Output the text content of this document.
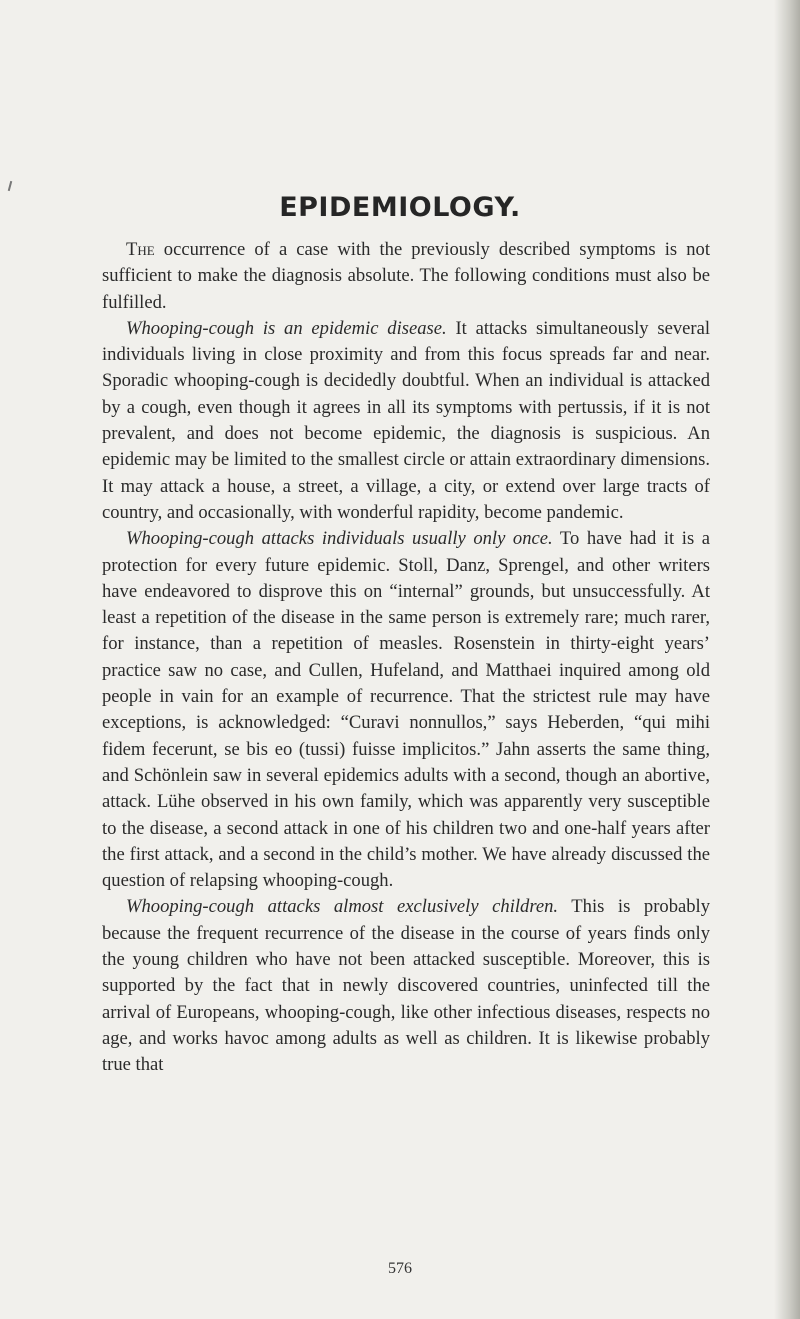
EPIDEMIOLOGY.

The occurrence of a case with the previously described symptoms is not sufficient to make the diagnosis absolute. The following conditions must also be fulfilled.

Whooping-cough is an epidemic disease. It attacks simultaneously several individuals living in close proximity and from this focus spreads far and near. Sporadic whooping-cough is decidedly doubtful. When an individual is attacked by a cough, even though it agrees in all its symptoms with pertussis, if it is not prevalent, and does not become epidemic, the diagnosis is suspicious. An epidemic may be limited to the smallest circle or attain extraordinary dimensions. It may attack a house, a street, a village, a city, or extend over large tracts of country, and occasionally, with wonderful rapidity, become pandemic.

Whooping-cough attacks individuals usually only once. To have had it is a protection for every future epidemic. Stoll, Danz, Sprengel, and other writers have endeavored to disprove this on “internal” grounds, but unsuccessfully. At least a repetition of the disease in the same person is extremely rare; much rarer, for instance, than a repetition of measles. Rosenstein in thirty-eight years’ practice saw no case, and Cullen, Hufeland, and Matthaei inquired among old people in vain for an example of recurrence. That the strictest rule may have exceptions, is acknowledged: “Curavi nonnullos,” says Heberden, “qui mihi fidem fecerunt, se bis eo (tussi) fuisse implicitos.” Jahn asserts the same thing, and Schönlein saw in several epidemics adults with a second, though an abortive, attack. Lühe observed in his own family, which was apparently very susceptible to the disease, a second attack in one of his children two and one-half years after the first attack, and a second in the child’s mother. We have already discussed the question of relapsing whooping-cough.

Whooping-cough attacks almost exclusively children. This is probably because the frequent recurrence of the disease in the course of years finds only the young children who have not been attacked susceptible. Moreover, this is supported by the fact that in newly discovered countries, uninfected till the arrival of Europeans, whooping-cough, like other infectious diseases, respects no age, and works havoc among adults as well as children. It is likewise probably true that

576
